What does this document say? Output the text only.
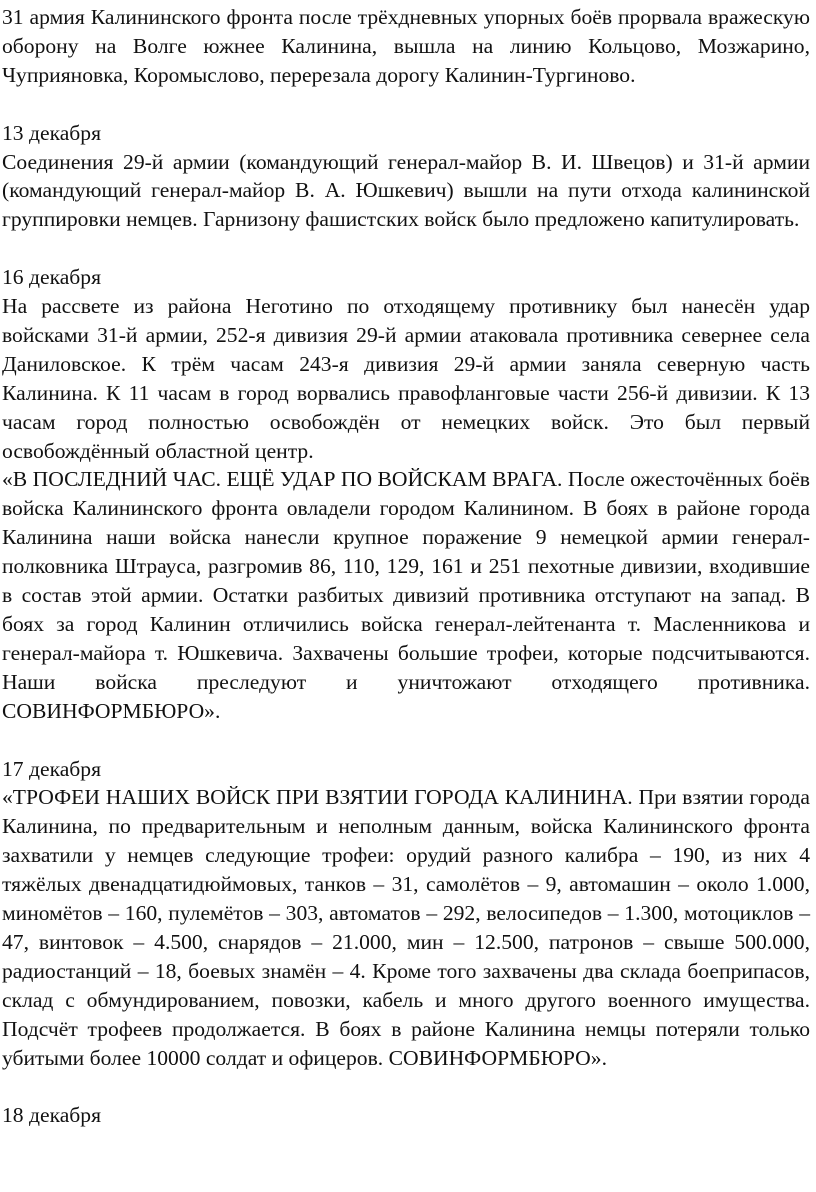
31 армия Калининского фронта после трёхдневных упорных боёв прорвала вражескую оборону на Волге южнее Калинина, вышла на линию Кольцово, Мозжарино, Чуприяновка, Коромыслово, перерезала дорогу Калинин-Тургиново.

13 декабря

Соединения 29-й армии (командующий генерал-майор В. И. Швецов) и 31-й армии (командующий генерал-майор В. А. Юшкевич) вышли на пути отхода калининской группировки немцев. Гарнизону фашистских войск было предложено капитулировать.

16 декабря

На рассвете из района Неготино по отходящему противнику был нанесён удар войсками 31-й армии, 252-я дивизия 29-й армии атаковала противника севернее села Даниловское. К трём часам 243-я дивизия 29-й армии заняла северную часть Калинина. К 11 часам в город ворвались правофланговые части 256-й дивизии. К 13 часам город полностью освобождён от немецких войск. Это был первый освобождённый областной центр.

«В ПОСЛЕДНИЙ ЧАС. ЕЩЁ УДАР ПО ВОЙСКАМ ВРАГА. После ожесточённых боёв войска Калининского фронта овладели городом Калинином. В боях в районе города Калинина наши войска нанесли крупное поражение 9 немецкой армии генерал-полковника Штрауса, разгромив 86, 110, 129, 161 и 251 пехотные дивизии, входившие в состав этой армии. Остатки разбитых дивизий противника отступают на запад. В боях за город Калинин отличились войска генерал-лейтенанта т. Масленникова и генерал-майора т. Юшкевича. Захвачены большие трофеи, которые подсчитываются. Наши войска преследуют и уничтожают отходящего противника. СОВИНФОРМБЮРО».

17 декабря

«ТРОФЕИ НАШИХ ВОЙСК ПРИ ВЗЯТИИ ГОРОДА КАЛИНИНА. При взятии города Калинина, по предварительным и неполным данным, войска Калининского фронта захватили у немцев следующие трофеи: орудий разного калибра – 190, из них 4 тяжёлых двенадцатидюймовых, танков – 31, самолётов – 9, автомашин – около 1.000, миномётов – 160, пулемётов – 303, автоматов – 292, велосипедов – 1.300, мотоциклов – 47, винтовок – 4.500, снарядов – 21.000, мин – 12.500, патронов – свыше 500.000, радиостанций – 18, боевых знамён – 4. Кроме того захвачены два склада боеприпасов, склад с обмундированием, повозки, кабель и много другого военного имущества. Подсчёт трофеев продолжается. В боях в районе Калинина немцы потеряли только убитыми более 10000 солдат и офицеров. СОВИНФОРМБЮРО».

18 декабря
